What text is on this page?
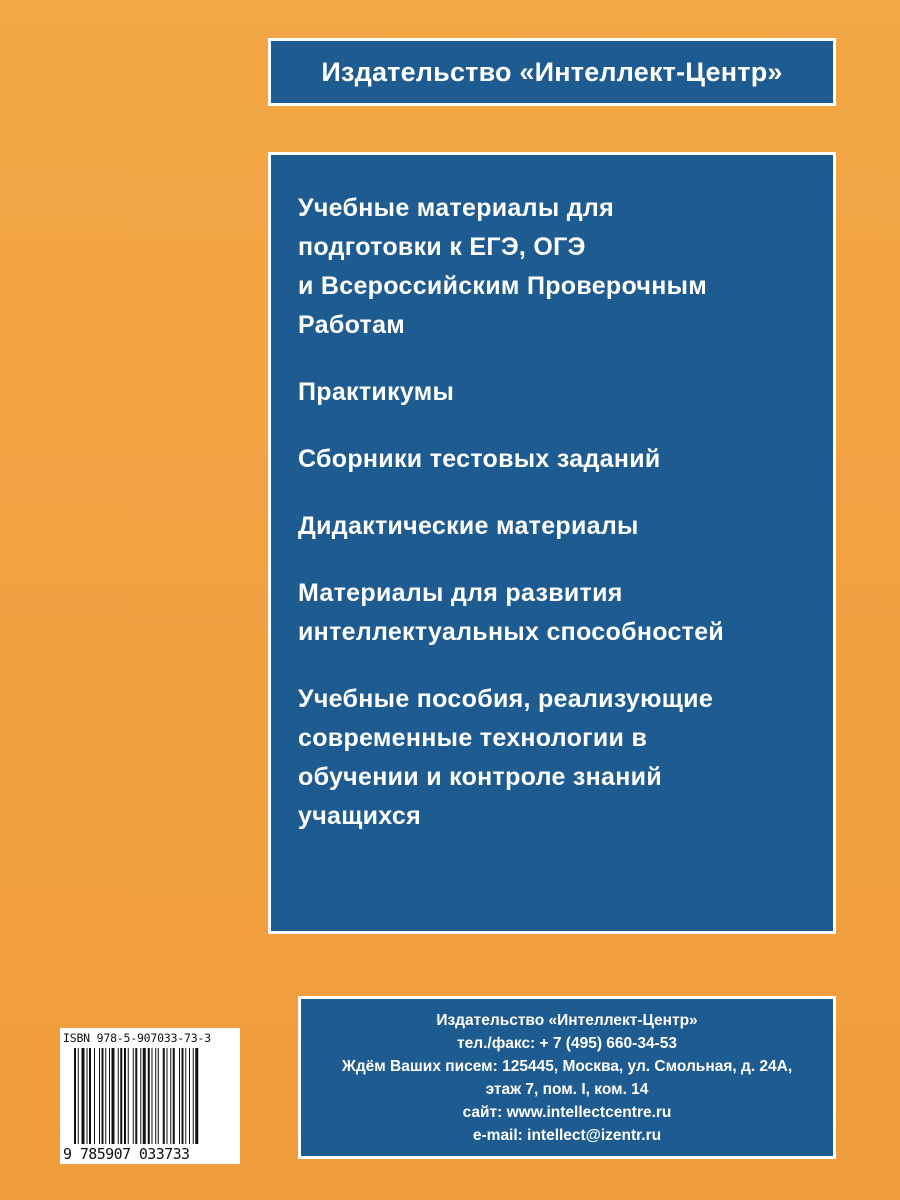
Издательство «Интеллект-Центр»
Учебные материалы для
подготовки к ЕГЭ, ОГЭ
и Всероссийским Проверочным
Работам
Практикумы
Сборники тестовых заданий
Дидактические материалы
Материалы для развития
интеллектуальных способностей
Учебные пособия, реализующие
современные технологии в
обучении и контроле знаний
учащихся
ISBN 978-5-907033-73-3
9 785907 033733
Издательство «Интеллект-Центр»
тел./факс: + 7 (495) 660-34-53
Ждём Ваших писем: 125445, Москва, ул. Смольная, д. 24А,
этаж 7, пом. I, ком. 14
сайт: www.intellectcentre.ru
e-mail: intellect@izentr.ru
